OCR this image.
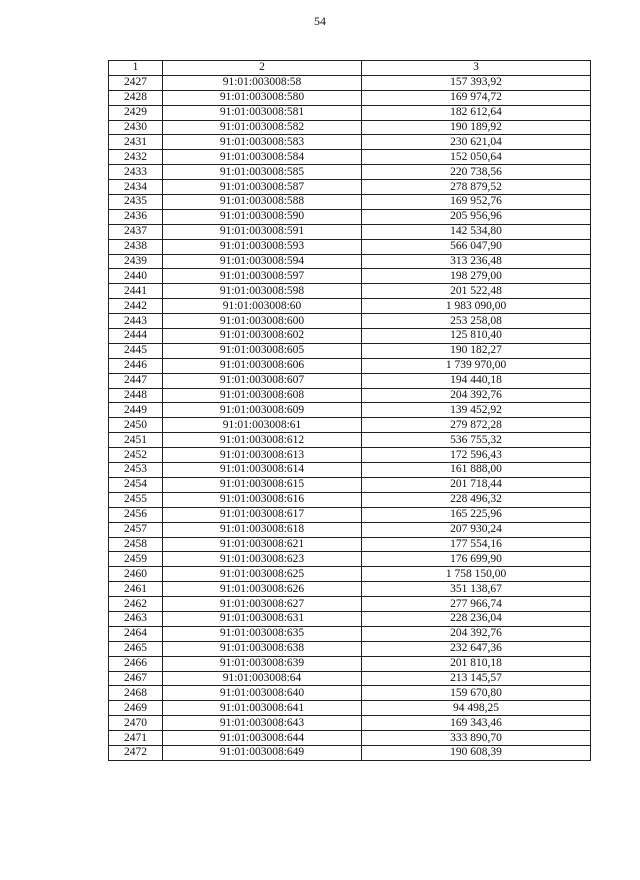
54
1	2	3
2427	91:01:003008:58	157 393,92
2428	91:01:003008:580	169 974,72
2429	91:01:003008:581	182 612,64
2430	91:01:003008:582	190 189,92
2431	91:01:003008:583	230 621,04
2432	91:01:003008:584	152 050,64
2433	91:01:003008:585	220 738,56
2434	91:01:003008:587	278 879,52
2435	91:01:003008:588	169 952,76
2436	91:01:003008:590	205 956,96
2437	91:01:003008:591	142 534,80
2438	91:01:003008:593	566 047,90
2439	91:01:003008:594	313 236,48
2440	91:01:003008:597	198 279,00
2441	91:01:003008:598	201 522,48
2442	91:01:003008:60	1 983 090,00
2443	91:01:003008:600	253 258,08
2444	91:01:003008:602	125 810,40
2445	91:01:003008:605	190 182,27
2446	91:01:003008:606	1 739 970,00
2447	91:01:003008:607	194 440,18
2448	91:01:003008:608	204 392,76
2449	91:01:003008:609	139 452,92
2450	91:01:003008:61	279 872,28
2451	91:01:003008:612	536 755,32
2452	91:01:003008:613	172 596,43
2453	91:01:003008:614	161 888,00
2454	91:01:003008:615	201 718,44
2455	91:01:003008:616	228 496,32
2456	91:01:003008:617	165 225,96
2457	91:01:003008:618	207 930,24
2458	91:01:003008:621	177 554,16
2459	91:01:003008:623	176 699,90
2460	91:01:003008:625	1 758 150,00
2461	91:01:003008:626	351 138,67
2462	91:01:003008:627	277 966,74
2463	91:01:003008:631	228 236,04
2464	91:01:003008:635	204 392,76
2465	91:01:003008:638	232 647,36
2466	91:01:003008:639	201 810,18
2467	91:01:003008:64	213 145,57
2468	91:01:003008:640	159 670,80
2469	91:01:003008:641	94 498,25
2470	91:01:003008:643	169 343,46
2471	91:01:003008:644	333 890,70
2472	91:01:003008:649	190 608,39
